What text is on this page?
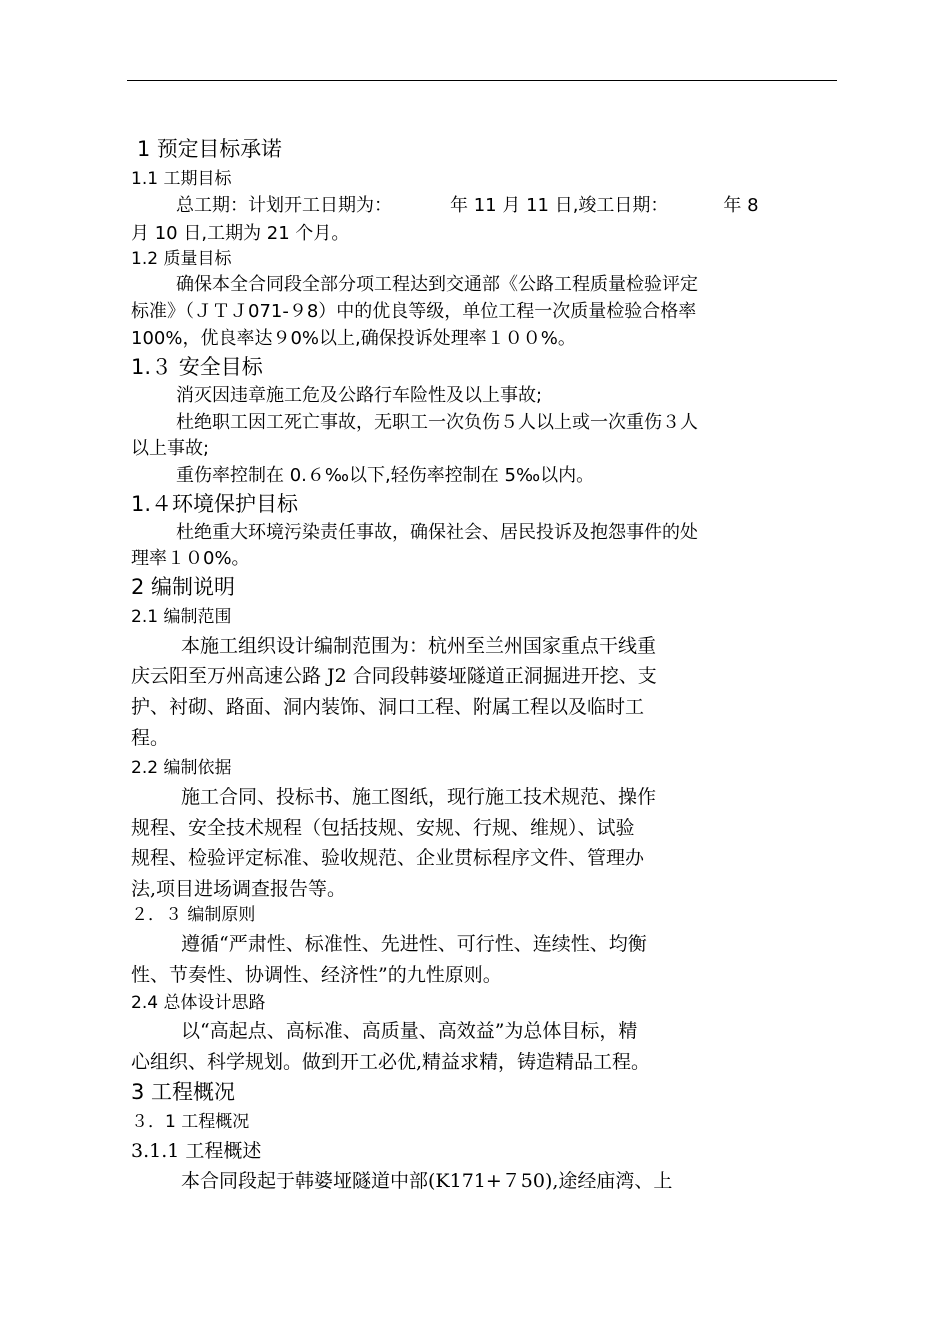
1 预定目标承诺
1.1 工期目标
总工期：计划开工日期为：	年 11 月 11 日,竣工日期：	年 8
月 10 日,工期为 21 个月。
1.2 质量目标
确保本全合同段全部分项工程达到交通部《公路工程质量检验评定
标准》（ＪＴＪ071-９8）中的优良等级，单位工程一次质量检验合格率
100%，优良率达９0%以上,确保投诉处理率１００%。
1.３ 安全目标
消灭因违章施工危及公路行车险性及以上事故;
杜绝职工因工死亡事故，无职工一次负伤５人以上或一次重伤３人
以上事故;
重伤率控制在 0.６‰以下,轻伤率控制在 5‰以内。
1.４环境保护目标
杜绝重大环境污染责任事故，确保社会、居民投诉及抱怨事件的处
理率１０0%。
2 编制说明
2.1 编制范围
本施工组织设计编制范围为：杭州至兰州国家重点干线重
庆云阳至万州高速公路 J2 合同段韩婆垭隧道正洞掘进开挖、支
护、衬砌、路面、洞内装饰、洞口工程、附属工程以及临时工
程。
2.2 编制依据
施工合同、投标书、施工图纸，现行施工技术规范、操作
规程、安全技术规程（包括技规、安规、行规、维规）、试验
规程、检验评定标准、验收规范、企业贯标程序文件、管理办
法,项目进场调查报告等。
２．３ 编制原则
遵循“严肃性、标准性、先进性、可行性、连续性、均衡
性、节奏性、协调性、经济性”的九性原则。
2.4 总体设计思路
以“高起点、高标准、高质量、高效益”为总体目标，精
心组织、科学规划。做到开工必优,精益求精，铸造精品工程。
3 工程概况
３．1 工程概况
3.1.1 工程概述
本合同段起于韩婆垭隧道中部(K171+７50),途经庙湾、上
